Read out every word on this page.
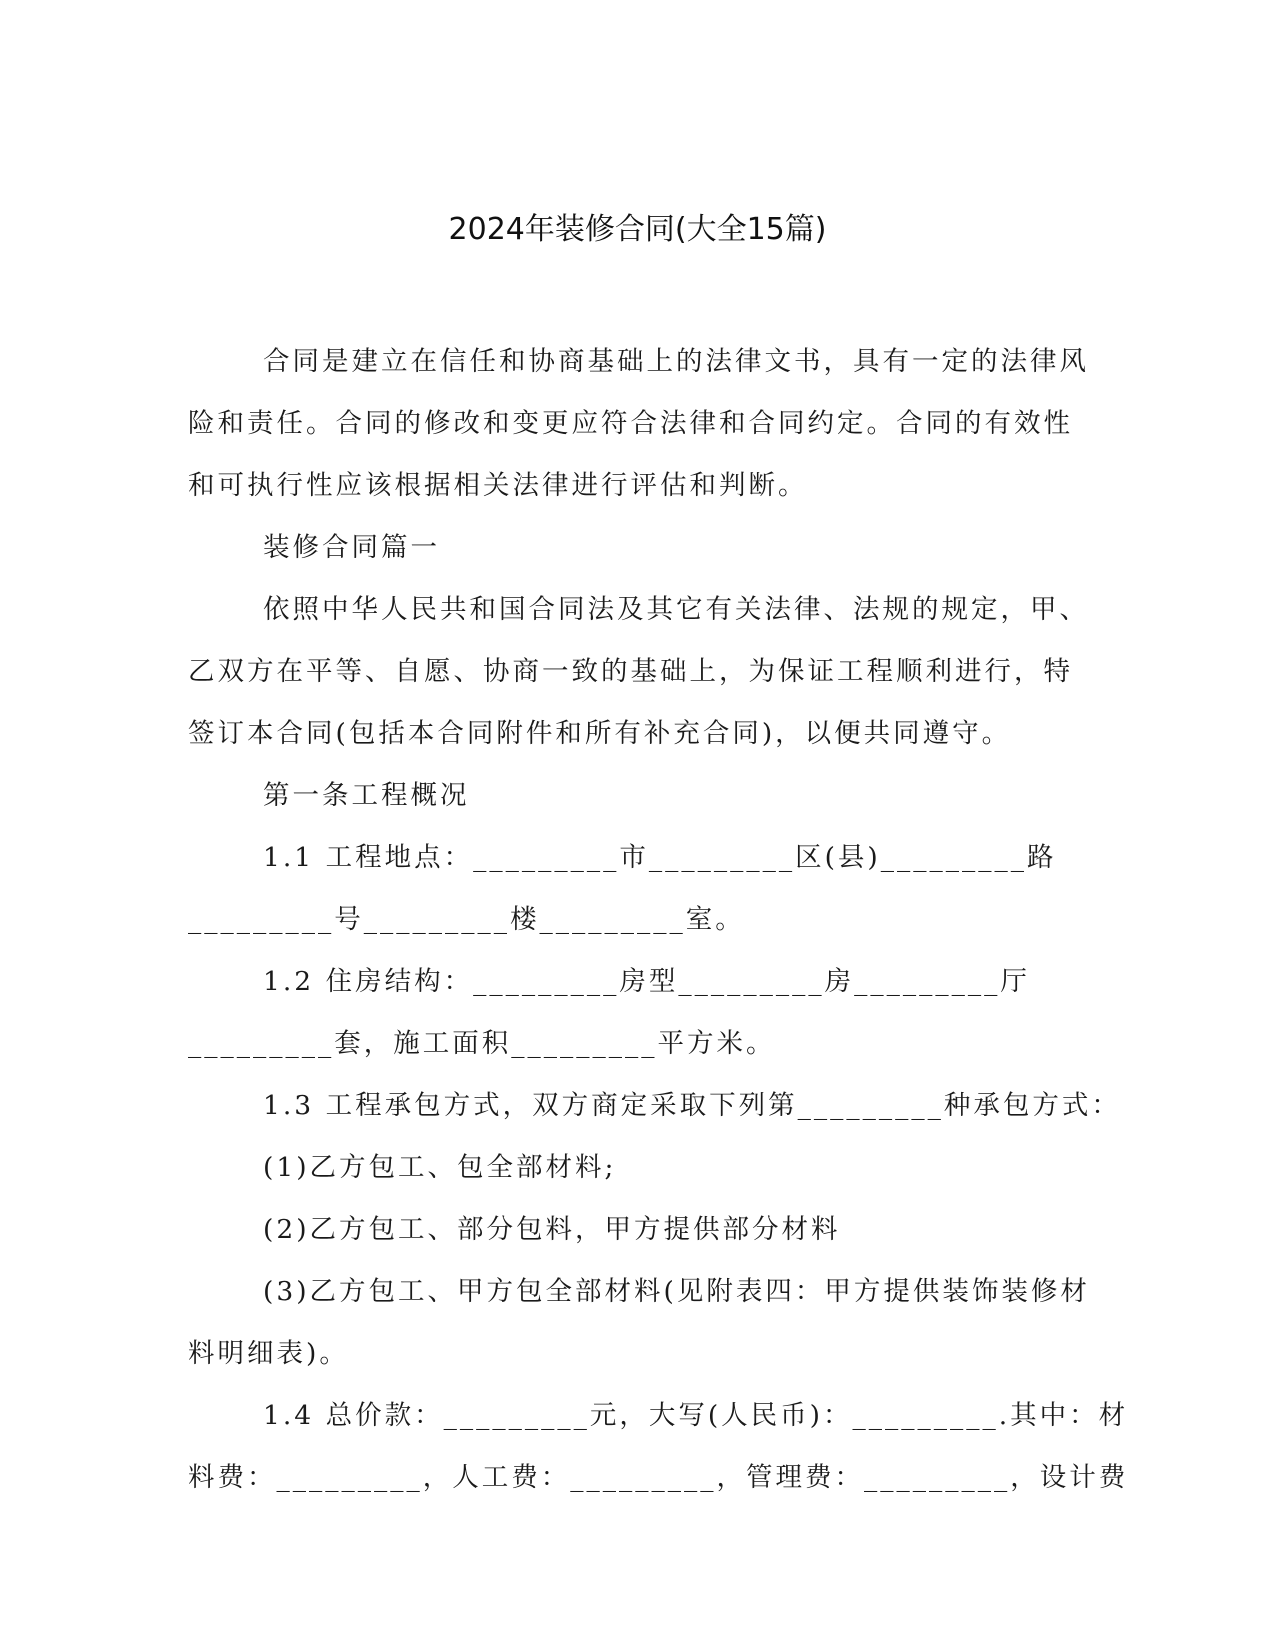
2024年装修合同(大全15篇)

合同是建立在信任和协商基础上的法律文书，具有一定的法律风
险和责任。合同的修改和变更应符合法律和合同约定。合同的有效性
和可执行性应该根据相关法律进行评估和判断。

装修合同篇一

依照中华人民共和国合同法及其它有关法律、法规的规定，甲、
乙双方在平等、自愿、协商一致的基础上，为保证工程顺利进行，特
签订本合同(包括本合同附件和所有补充合同)，以便共同遵守。

第一条工程概况

1.1 工程地点：_________市_________区(县)_________路
_________号_________楼_________室。

1.2 住房结构：_________房型_________房_________厅
_________套，施工面积_________平方米。

1.3 工程承包方式，双方商定采取下列第_________种承包方式：

(1)乙方包工、包全部材料;

(2)乙方包工、部分包料，甲方提供部分材料

(3)乙方包工、甲方包全部材料(见附表四：甲方提供装饰装修材
料明细表)。

1.4 总价款：_________元，大写(人民币)：_________.其中：材
料费：_________，人工费：_________，管理费：_________，设计费
